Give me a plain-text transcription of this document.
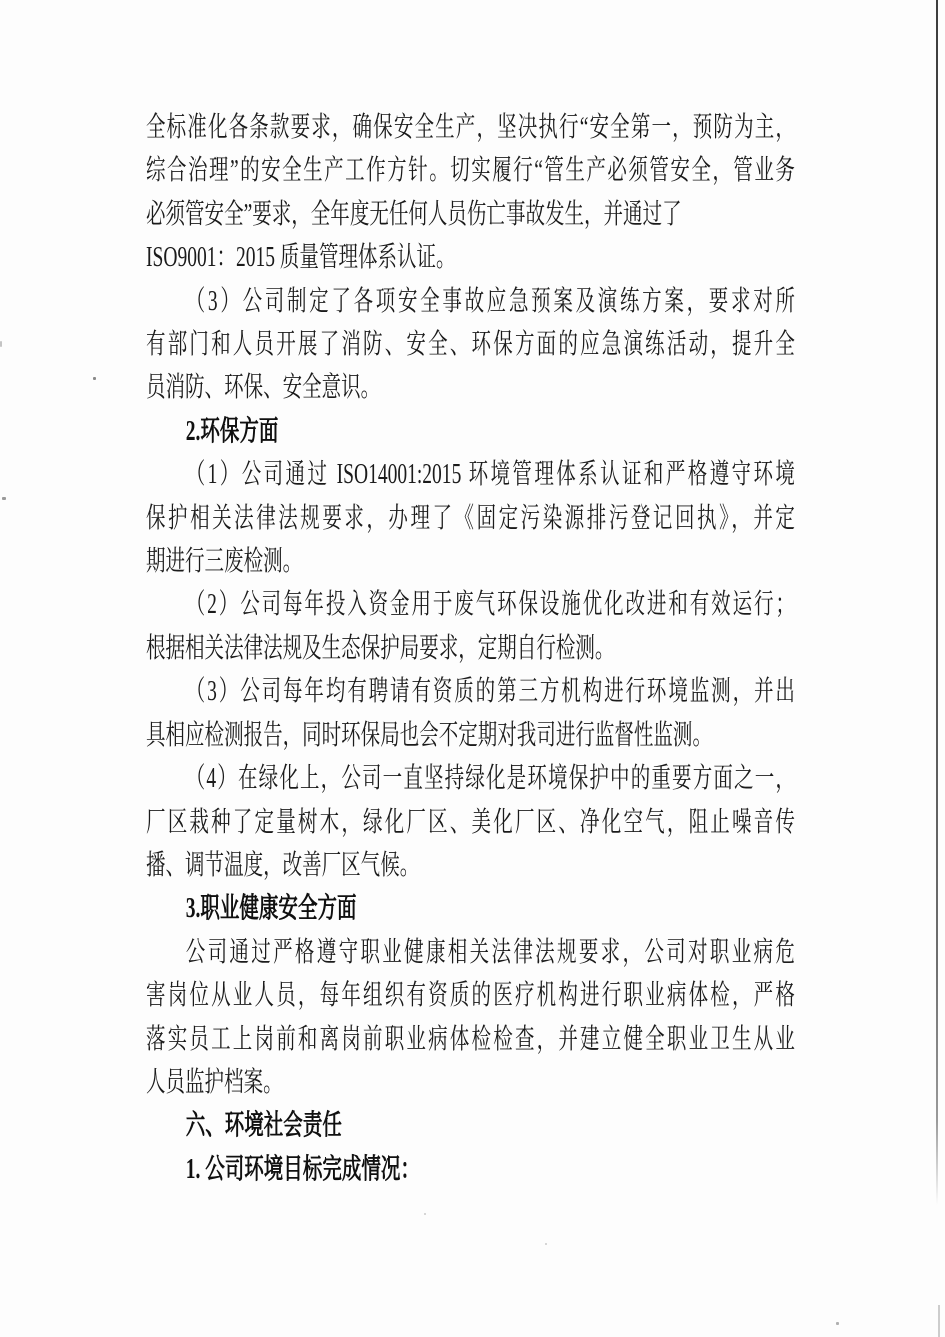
全标准化各条款要求，确保安全生产，坚决执行“安全第一，预防为主，
综合治理”的安全生产工作方针。切实履行“管生产必须管安全，管业务
必须管安全”要求，全年度无任何人员伤亡事故发生，并通过了
ISO9001：2015 质量管理体系认证。
（3）公司制定了各项安全事故应急预案及演练方案，要求对所
有部门和人员开展了消防、安全、环保方面的应急演练活动，提升全
员消防、环保、安全意识。
2.环保方面
（1）公司通过 ISO14001:2015 环境管理体系认证和严格遵守环境
保护相关法律法规要求，办理了《固定污染源排污登记回执》，并定
期进行三废检测。
（2）公司每年投入资金用于废气环保设施优化改进和有效运行；
根据相关法律法规及生态保护局要求，定期自行检测。
（3）公司每年均有聘请有资质的第三方机构进行环境监测，并出
具相应检测报告，同时环保局也会不定期对我司进行监督性监测。
（4）在绿化上，公司一直坚持绿化是环境保护中的重要方面之一，
厂区栽种了定量树木，绿化厂区、美化厂区、净化空气，阻止噪音传
播、调节温度，改善厂区气候。
3.职业健康安全方面
公司通过严格遵守职业健康相关法律法规要求，公司对职业病危
害岗位从业人员，每年组织有资质的医疗机构进行职业病体检，严格
落实员工上岗前和离岗前职业病体检检查，并建立健全职业卫生从业
人员监护档案。
六、环境社会责任
1. 公司环境目标完成情况：
